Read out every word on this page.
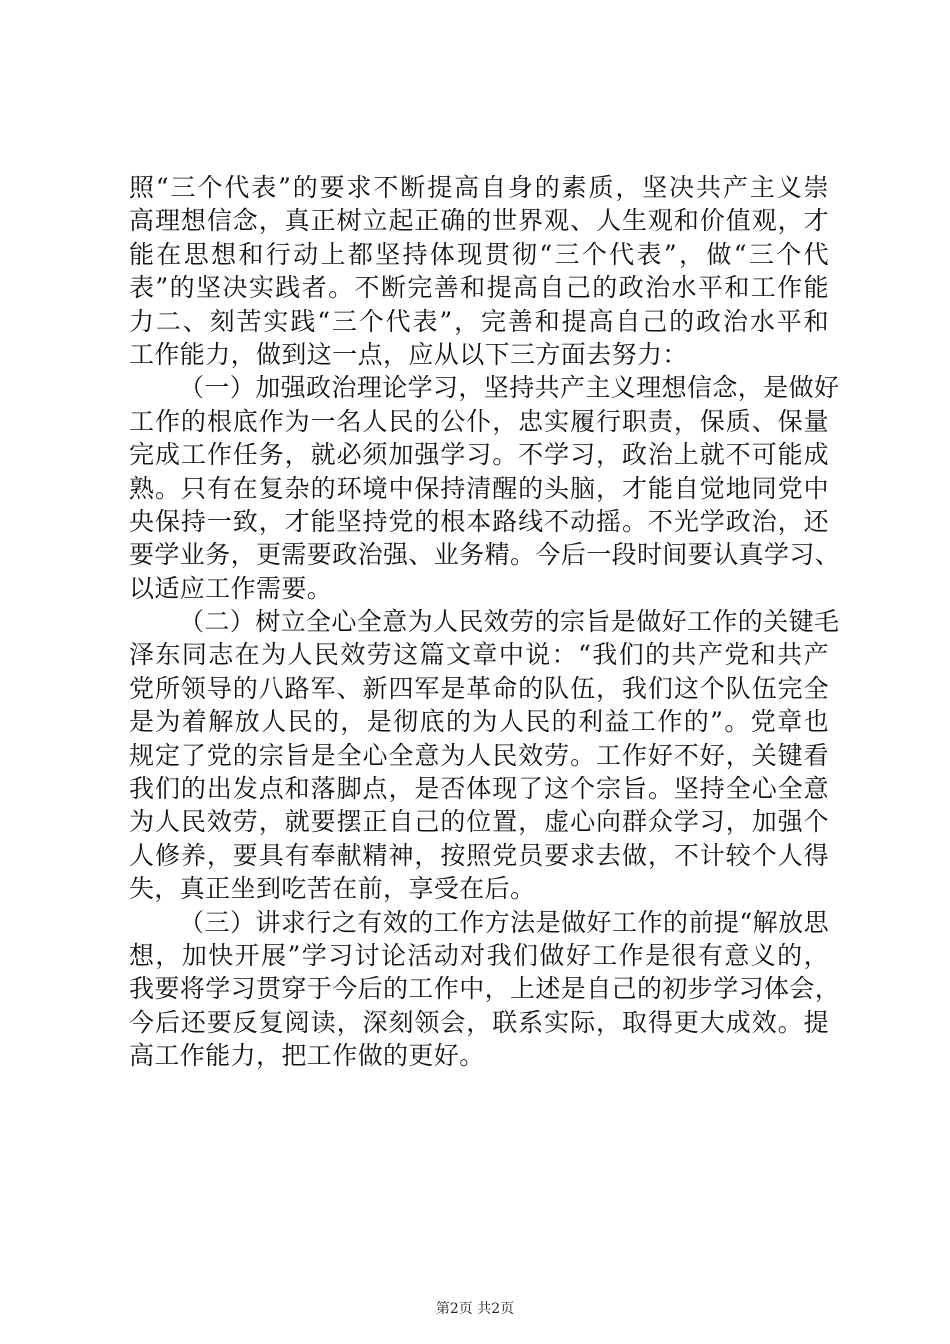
照“三个代表”的要求不断提高自身的素质，坚决共产主义崇
高理想信念，真正树立起正确的世界观、人生观和价值观，才
能在思想和行动上都坚持体现贯彻“三个代表”，做“三个代
表”的坚决实践者。不断完善和提高自己的政治水平和工作能
力二、刻苦实践“三个代表”，完善和提高自己的政治水平和
工作能力，做到这一点，应从以下三方面去努力：
（一）加强政治理论学习，坚持共产主义理想信念，是做好
工作的根底作为一名人民的公仆，忠实履行职责，保质、保量
完成工作任务，就必须加强学习。不学习，政治上就不可能成
熟。只有在复杂的环境中保持清醒的头脑，才能自觉地同党中
央保持一致，才能坚持党的根本路线不动摇。不光学政治，还
要学业务，更需要政治强、业务精。今后一段时间要认真学习、
以适应工作需要。
（二）树立全心全意为人民效劳的宗旨是做好工作的关键毛
泽东同志在为人民效劳这篇文章中说：“我们的共产党和共产
党所领导的八路军、新四军是革命的队伍，我们这个队伍完全
是为着解放人民的，是彻底的为人民的利益工作的”。党章也
规定了党的宗旨是全心全意为人民效劳。工作好不好，关键看
我们的出发点和落脚点，是否体现了这个宗旨。坚持全心全意
为人民效劳，就要摆正自己的位置，虚心向群众学习，加强个
人修养，要具有奉献精神，按照党员要求去做，不计较个人得
失，真正坐到吃苦在前，享受在后。
（三）讲求行之有效的工作方法是做好工作的前提“解放思
想，加快开展”学习讨论活动对我们做好工作是很有意义的，
我要将学习贯穿于今后的工作中，上述是自己的初步学习体会，
今后还要反复阅读，深刻领会，联系实际，取得更大成效。提
高工作能力，把工作做的更好。
第2页 共2页
